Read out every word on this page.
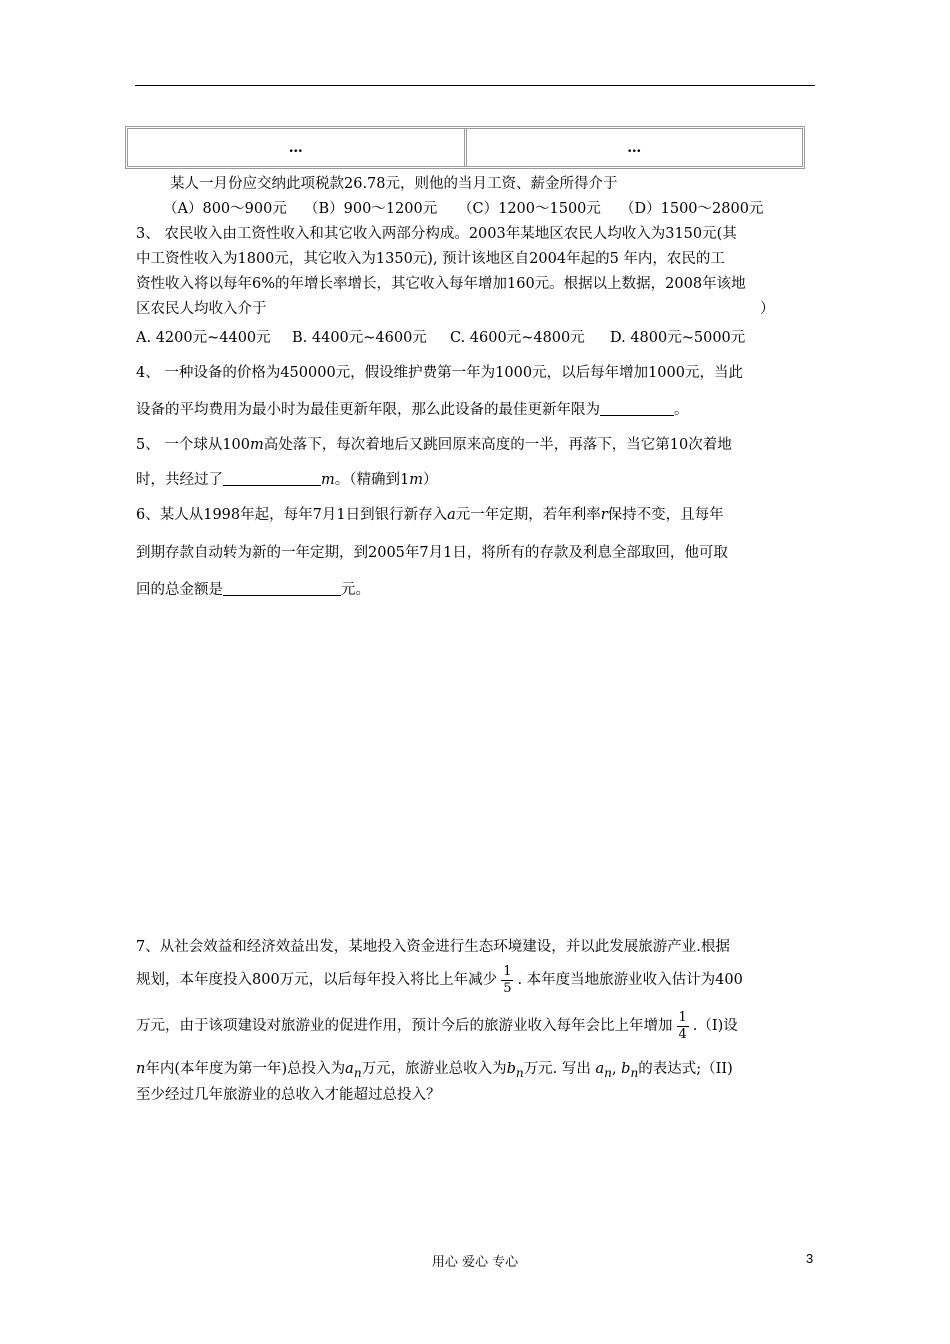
…	…
某人一月份应交纳此项税款26.78元，则他的当月工资、薪金所得介于
（A）800～900元 （B）900～1200元 （C）1200～1500元 （D）1500～2800元
3、 农民收入由工资性收入和其它收入两部分构成。2003年某地区农民人均收入为3150元(其
中工资性收入为1800元，其它收入为1350元), 预计该地区自2004年起的5 年内，农民的工
资性收入将以每年6%的年增长率增长，其它收入每年增加160元。根据以上数据，2008年该地
区农民人均收入介于	）
A. 4200元~4400元 B. 4400元~4600元 C. 4600元~4800元 D. 4800元~5000元
4、 一种设备的价格为450000元，假设维护费第一年为1000元，以后每年增加1000元，当此
设备的平均费用为最小时为最佳更新年限，那么此设备的最佳更新年限为	。
5、 一个球从100m高处落下，每次着地后又跳回原来高度的一半，再落下，当它第10次着地
时，共经过了	m。（精确到1m）
6、某人从1998年起，每年7月1日到银行新存入a元一年定期，若年利率r保持不变，且每年
到期存款自动转为新的一年定期，到2005年7月1日，将所有的存款及利息全部取回，他可取
回的总金额是	元。
7、从社会效益和经济效益出发，某地投入资金进行生态环境建设，并以此发展旅游产业.根据
规划，本年度投入800万元，以后每年投入将比上年减少 $\frac{1}{5}$ . 本年度当地旅游业收入估计为400
万元，由于该项建设对旅游业的促进作用，预计今后的旅游业收入每年会比上年增加 $\frac{1}{4} .(I)$设
n年内(本年度为第一年)总投入为$a_n$万元，旅游业总收入为$b_n$万元. 写出 $a_n$, $b_n$的表达式;（II)
至少经过几年旅游业的总收入才能超过总投入？
用心 爱心 专心	3
